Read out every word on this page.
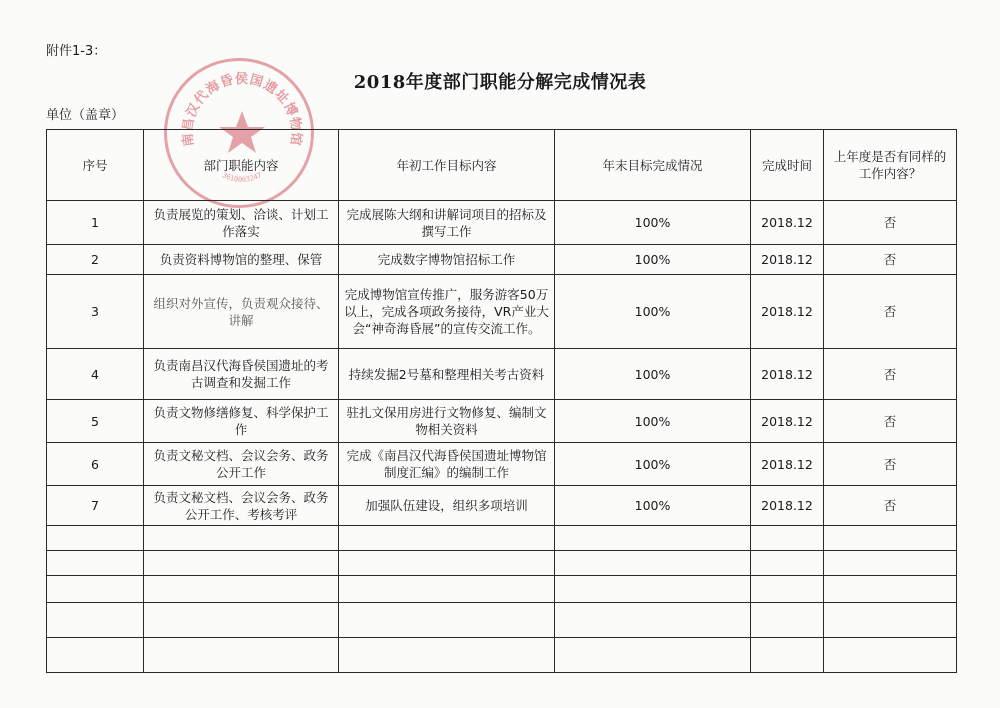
附件1-3：
2018年度部门职能分解完成情况表
单位（盖章）
南昌汉代海昏侯国遗址博物馆
3610003247
序号	部门职能内容	年初工作目标内容	年末目标完成情况	完成时间	上年度是否有同样的工作内容？
1	负责展览的策划、洽谈、计划工作落实	完成展陈大纲和讲解词项目的招标及撰写工作	100%	2018.12	否
2	负责资料博物馆的整理、保管	完成数字博物馆招标工作	100%	2018.12	否
3	组织对外宣传，负责观众接待、讲解	完成博物馆宣传推广，服务游客50万以上，完成各项政务接待，VR产业大会“神奇海昏展”的宣传交流工作。	100%	2018.12	否
4	负责南昌汉代海昏侯国遗址的考古调查和发掘工作	持续发掘2号墓和整理相关考古资料	100%	2018.12	否
5	负责文物修缮修复、科学保护工作	驻扎文保用房进行文物修复、编制文物相关资料	100%	2018.12	否
6	负责文秘文档、会议会务、政务公开工作	完成《南昌汉代海昏侯国遗址博物馆制度汇编》的编制工作	100%	2018.12	否
7	负责文秘文档、会议会务、政务公开工作、考核考评	加强队伍建设，组织多项培训	100%	2018.12	否
